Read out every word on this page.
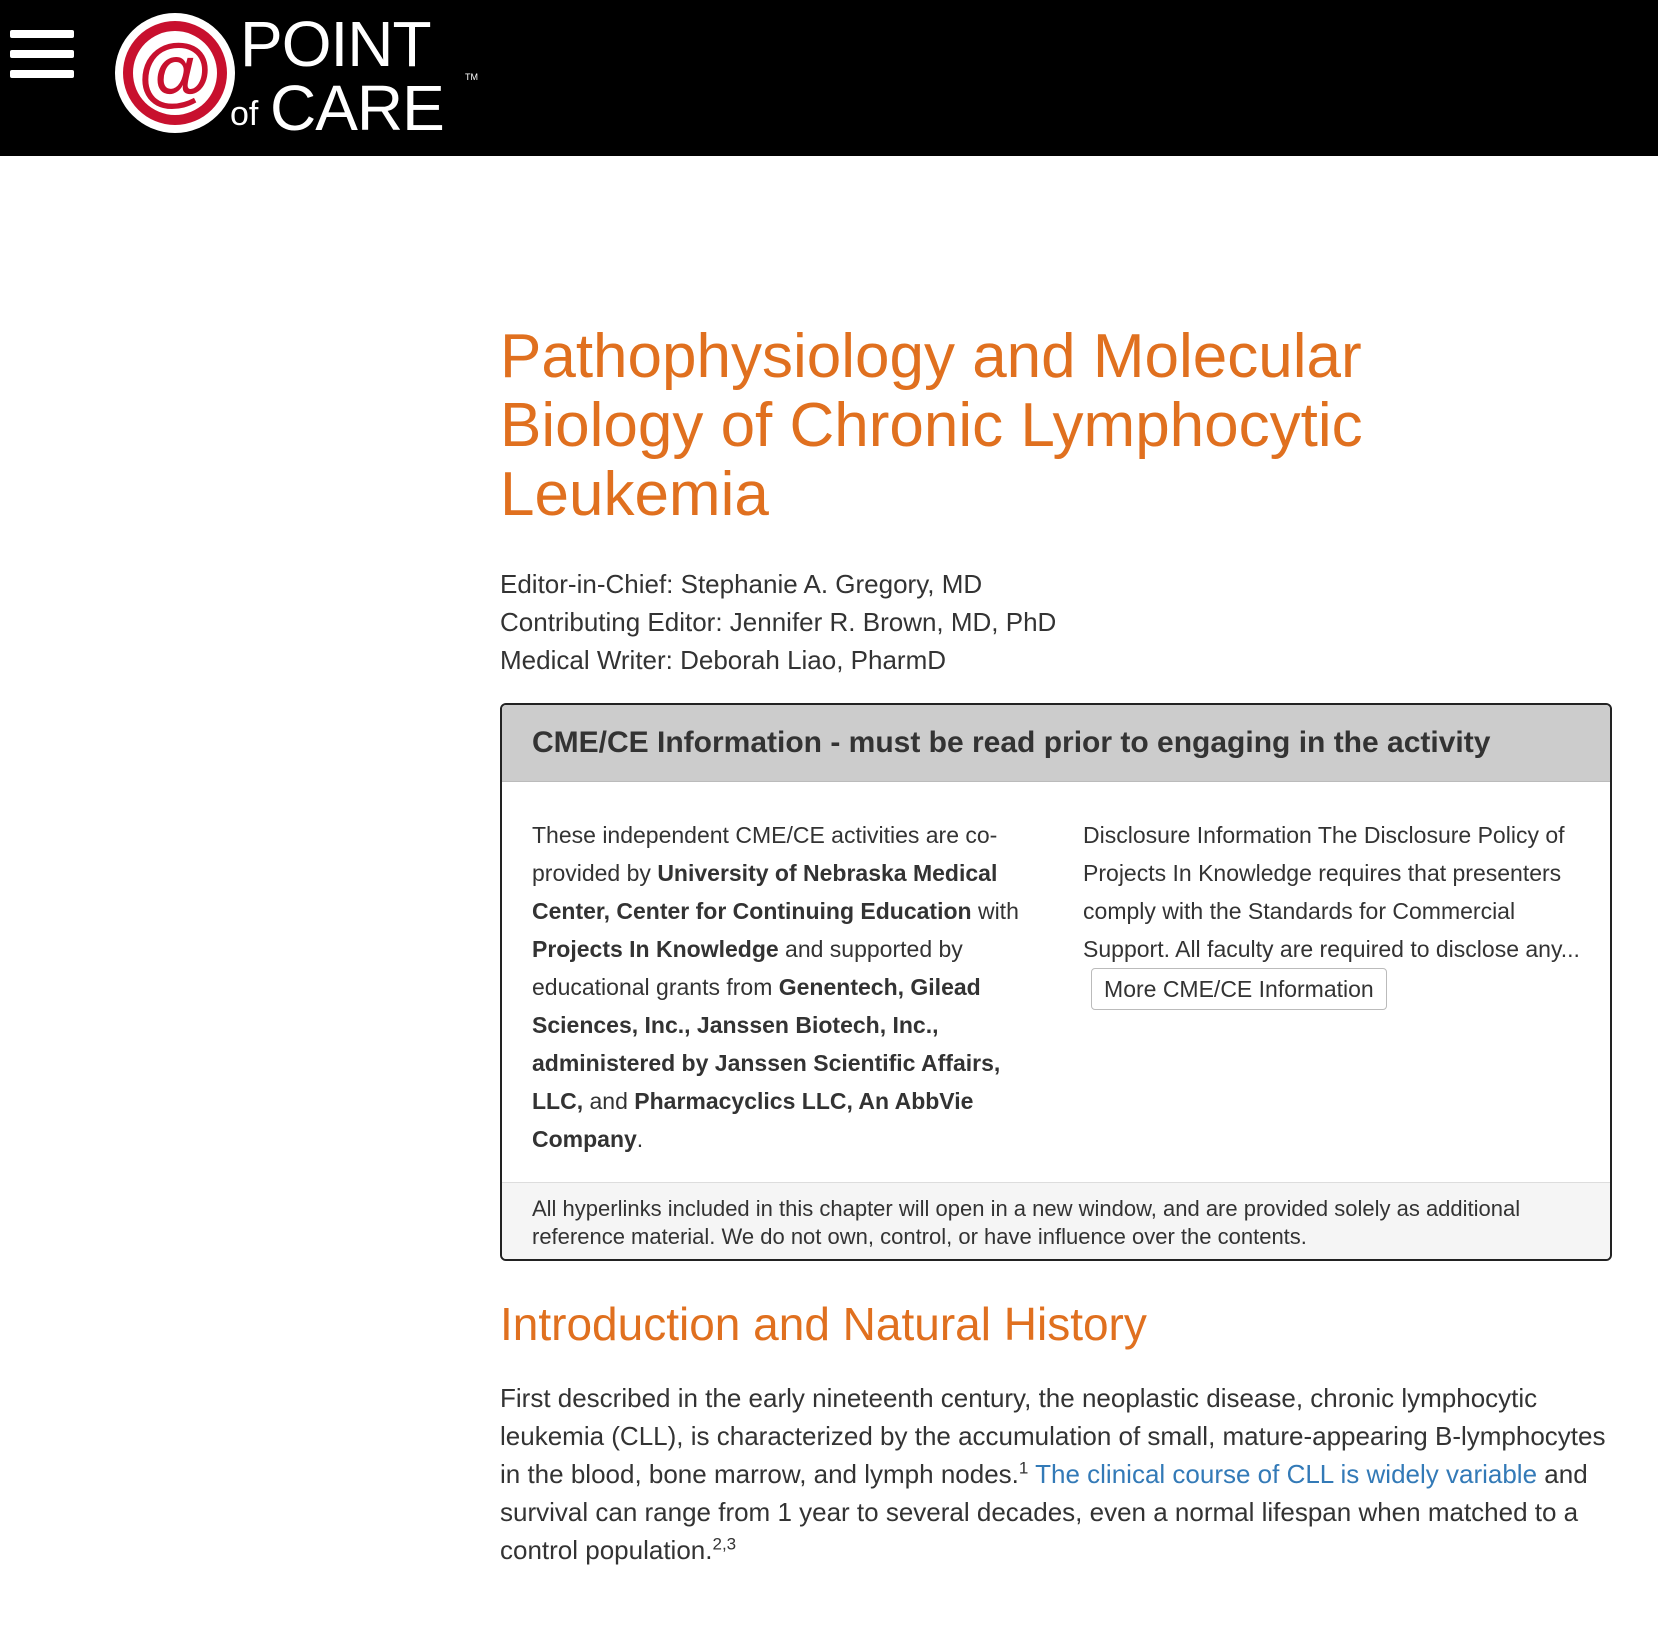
@ POINT	TM
of CARE
Pathophysiology and Molecular Biology of Chronic Lymphocytic Leukemia
Editor-in-Chief: Stephanie A. Gregory, MD
Contributing Editor: Jennifer R. Brown, MD, PhD
Medical Writer: Deborah Liao, PharmD
CME/CE Information - must be read prior to engaging in the activity
These independent CME/CE activities are co-provided by University of Nebraska Medical Center, Center for Continuing Education with Projects In Knowledge and supported by educational grants from Genentech, Gilead Sciences, Inc., Janssen Biotech, Inc., administered by Janssen Scientific Affairs, LLC, and Pharmacyclics LLC, An AbbVie Company.
Disclosure Information The Disclosure Policy of Projects In Knowledge requires that presenters comply with the Standards for Commercial Support. All faculty are required to disclose any...More CME/CE Information
All hyperlinks included in this chapter will open in a new window, and are provided solely as additional reference material. We do not own, control, or have influence over the contents.
Introduction and Natural History

First described in the early nineteenth century, the neoplastic disease, chronic lymphocytic leukemia (CLL), is characterized by the accumulation of small, mature-appearing B-lymphocytes in the blood, bone marrow, and lymph nodes.$^1$ The clinical course of CLL is widely variable and survival can range from 1 year to several decades, even a normal lifespan when matched to a control population.$^{2,3}$
